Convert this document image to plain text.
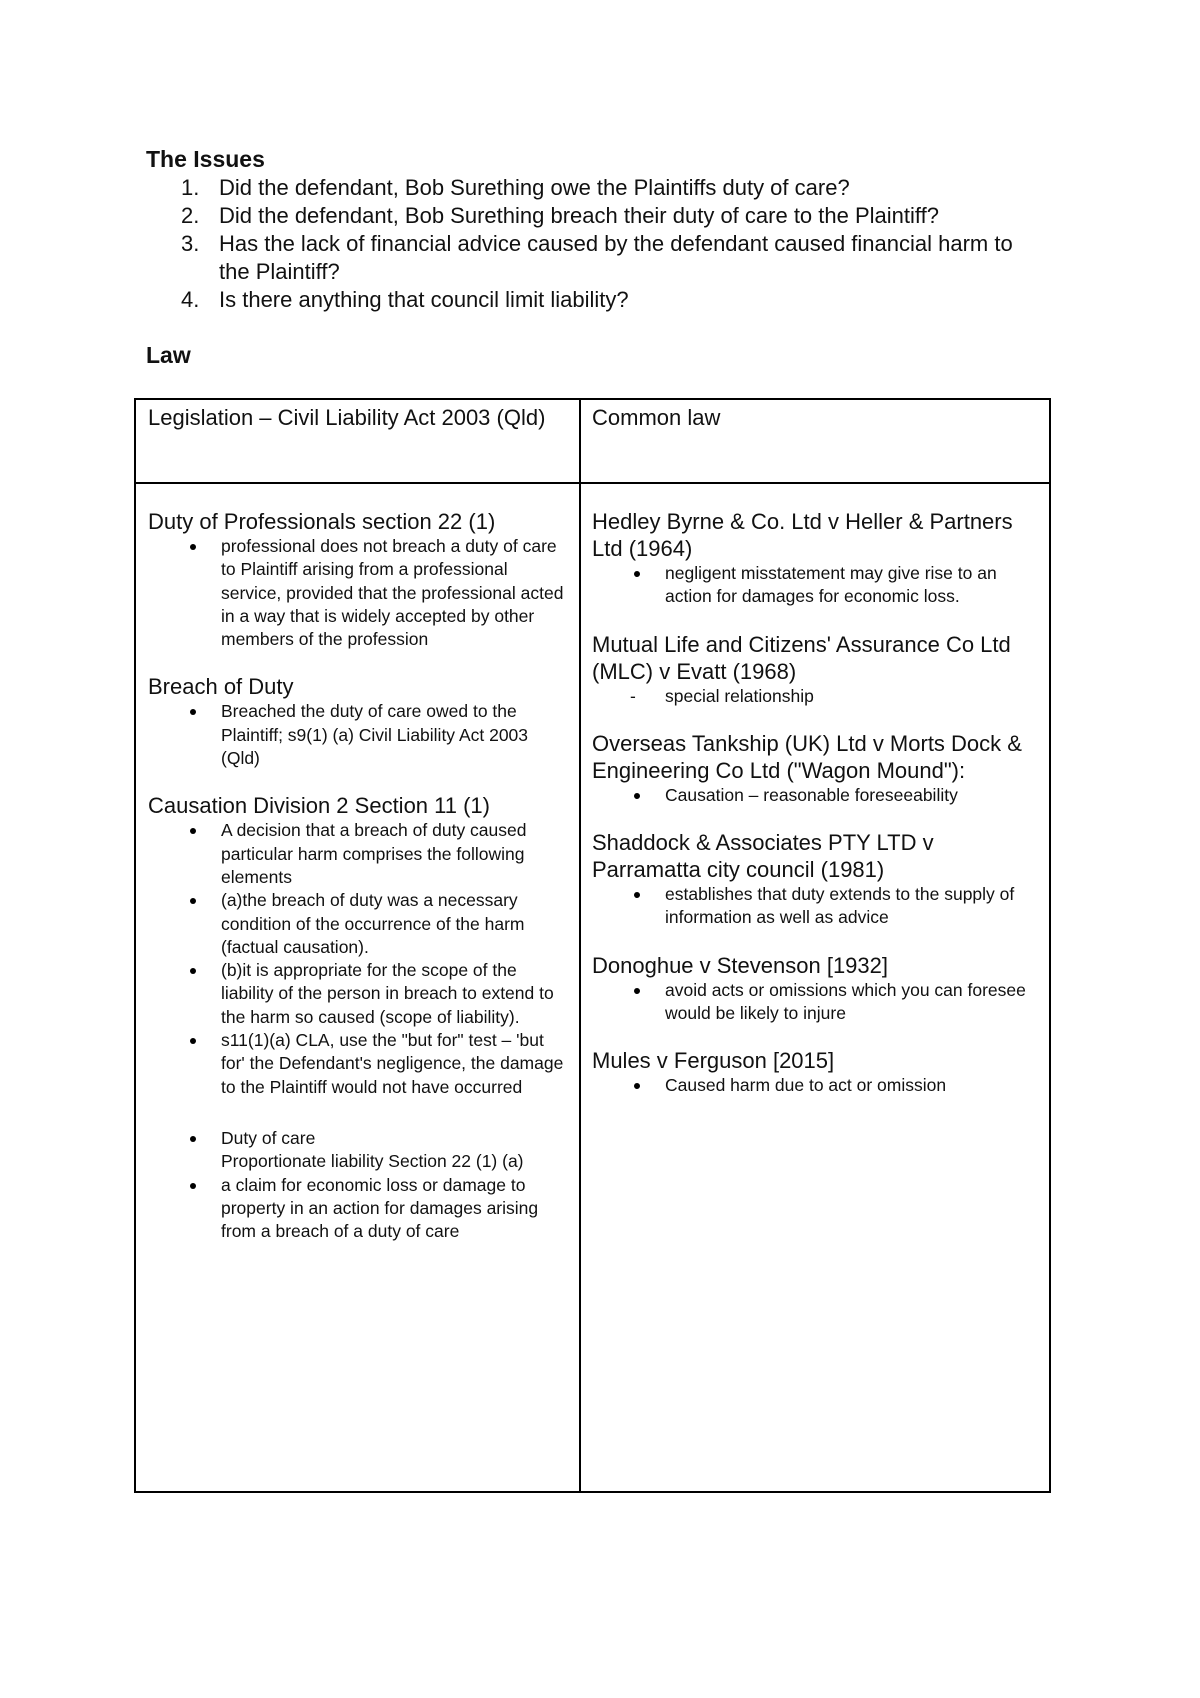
The Issues
1. Did the defendant, Bob Surething owe the Plaintiffs duty of care?
2. Did the defendant, Bob Surething breach their duty of care to the Plaintiff?
3. Has the lack of financial advice caused by the defendant caused financial harm to the Plaintiff?
4. Is there anything that council limit liability?
Law
Legislation – Civil Liability Act 2003 (Qld)	Common law
Duty of Professionals section 22 (1)
professional does not breach a duty of care to Plaintiff arising from a professional service, provided that the professional acted in a way that is widely accepted by other members of the profession
Breach of Duty
Breached the duty of care owed to the Plaintiff; s9(1) (a) Civil Liability Act 2003 (Qld)
Causation Division 2 Section 11 (1)
A decision that a breach of duty caused particular harm comprises the following elements
(a)the breach of duty was a necessary condition of the occurrence of the harm (factual causation).
(b)it is appropriate for the scope of the liability of the person in breach to extend to the harm so caused (scope of liability).
s11(1)(a) CLA, use the "but for" test – 'but for' the Defendant's negligence, the damage to the Plaintiff would not have occurred
Duty of care
Proportionate liability Section 22 (1) (a)
a claim for economic loss or damage to property in an action for damages arising from a breach of a duty of care
Hedley Byrne & Co. Ltd v Heller & Partners Ltd (1964)
negligent misstatement may give rise to an action for damages for economic loss.
Mutual Life and Citizens' Assurance Co Ltd (MLC) v Evatt (1968)
- special relationship
Overseas Tankship (UK) Ltd v Morts Dock & Engineering Co Ltd ("Wagon Mound"):
Causation – reasonable foreseeability
Shaddock & Associates PTY LTD v Parramatta city council (1981)
establishes that duty extends to the supply of information as well as advice
Donoghue v Stevenson [1932]
avoid acts or omissions which you can foresee would be likely to injure
Mules v Ferguson [2015]
Caused harm due to act or omission
